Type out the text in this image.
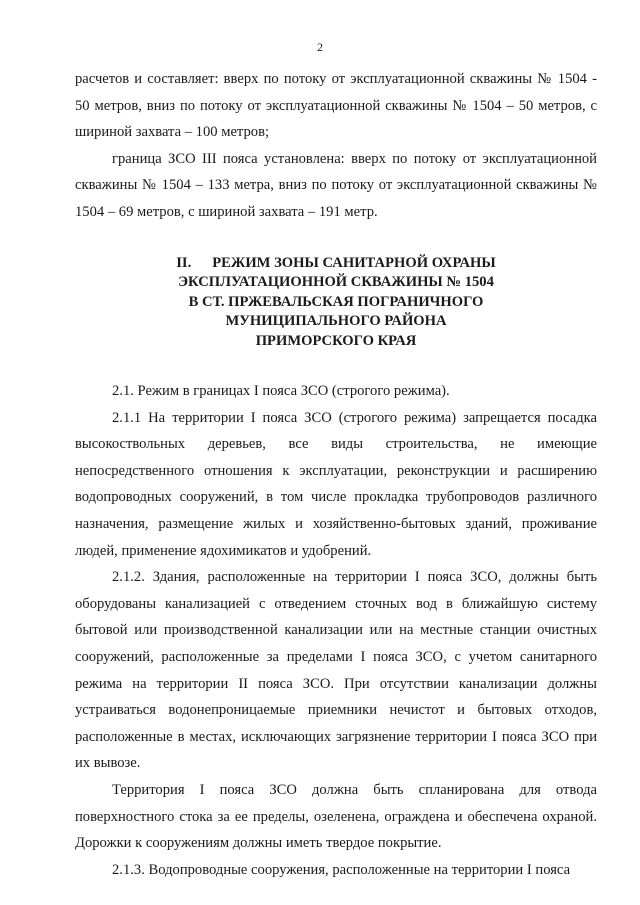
2

расчетов и составляет: вверх по потоку от эксплуатационной скважины № 1504 - 50 метров, вниз по потоку от эксплуатационной скважины № 1504 – 50 метров, с шириной захвата – 100 метров;

граница ЗСО III пояса установлена: вверх по потоку от эксплуатационной скважины № 1504 – 133 метра, вниз по потоку от эксплуатационной скважины № 1504 – 69 метров, с шириной захвата – 191 метр.

II. РЕЖИМ ЗОНЫ САНИТАРНОЙ ОХРАНЫ
ЭКСПЛУАТАЦИОННОЙ СКВАЖИНЫ № 1504
В СТ. ПРЖЕВАЛЬСКАЯ ПОГРАНИЧНОГО
МУНИЦИПАЛЬНОГО РАЙОНА
ПРИМОРСКОГО КРАЯ

2.1. Режим в границах I пояса ЗСО (строгого режима).

2.1.1 На территории I пояса ЗСО (строгого режима) запрещается посадка высокоствольных деревьев, все виды строительства, не имеющие непосредственного отношения к эксплуатации, реконструкции и расширению водопроводных сооружений, в том числе прокладка трубопроводов различного назначения, размещение жилых и хозяйственно-бытовых зданий, проживание людей, применение ядохимикатов и удобрений.

2.1.2. Здания, расположенные на территории I пояса ЗСО, должны быть оборудованы канализацией с отведением сточных вод в ближайшую систему бытовой или производственной канализации или на местные станции очистных сооружений, расположенные за пределами I пояса ЗСО, с учетом санитарного режима на территории II пояса ЗСО. При отсутствии канализации должны устраиваться водонепроницаемые приемники нечистот и бытовых отходов, расположенные в местах, исключающих загрязнение территории I пояса ЗСО при их вывозе.

Территория I пояса ЗСО должна быть спланирована для отвода поверхностного стока за ее пределы, озеленена, ограждена и обеспечена охраной. Дорожки к сооружениям должны иметь твердое покрытие.

2.1.3. Водопроводные сооружения, расположенные на территории I пояса
